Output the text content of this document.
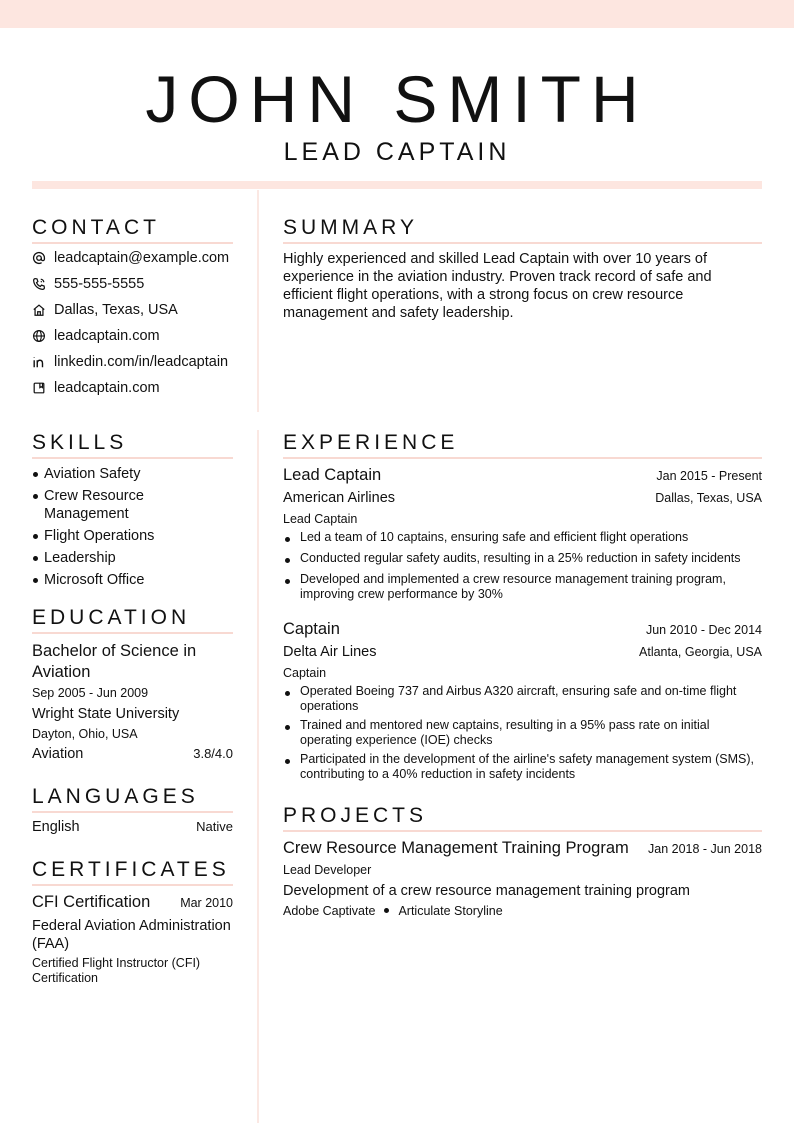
JOHN SMITH
LEAD CAPTAIN
CONTACT
leadcaptain@example.com
555-555-5555
Dallas, Texas, USA
leadcaptain.com
linkedin.com/in/leadcaptain
leadcaptain.com
SUMMARY
Highly experienced and skilled Lead Captain with over 10 years of experience in the aviation industry. Proven track record of safe and efficient flight operations, with a strong focus on crew resource management and safety leadership.
SKILLS
Aviation Safety
Crew Resource Management
Flight Operations
Leadership
Microsoft Office
EDUCATION
Bachelor of Science in Aviation
Sep 2005 - Jun 2009
Wright State University
Dayton, Ohio, USA
Aviation	3.8/4.0
LANGUAGES
English	Native
CERTIFICATES
CFI Certification Mar 2010
Federal Aviation Administration (FAA)
Certified Flight Instructor (CFI) Certification
EXPERIENCE
Lead Captain	Jan 2015 - Present
American Airlines	Dallas, Texas, USA
Lead Captain
Led a team of 10 captains, ensuring safe and efficient flight operations
Conducted regular safety audits, resulting in a 25% reduction in safety incidents
Developed and implemented a crew resource management training program, improving crew performance by 30%
Captain	Jun 2010 - Dec 2014
Delta Air Lines	Atlanta, Georgia, USA
Captain
Operated Boeing 737 and Airbus A320 aircraft, ensuring safe and on-time flight operations
Trained and mentored new captains, resulting in a 95% pass rate on initial operating experience (IOE) checks
Participated in the development of the airline's safety management system (SMS), contributing to a 40% reduction in safety incidents
PROJECTS
Crew Resource Management Training Program Jan 2018 - Jun 2018
Lead Developer
Development of a crew resource management training program
Adobe Captivate Articulate Storyline
